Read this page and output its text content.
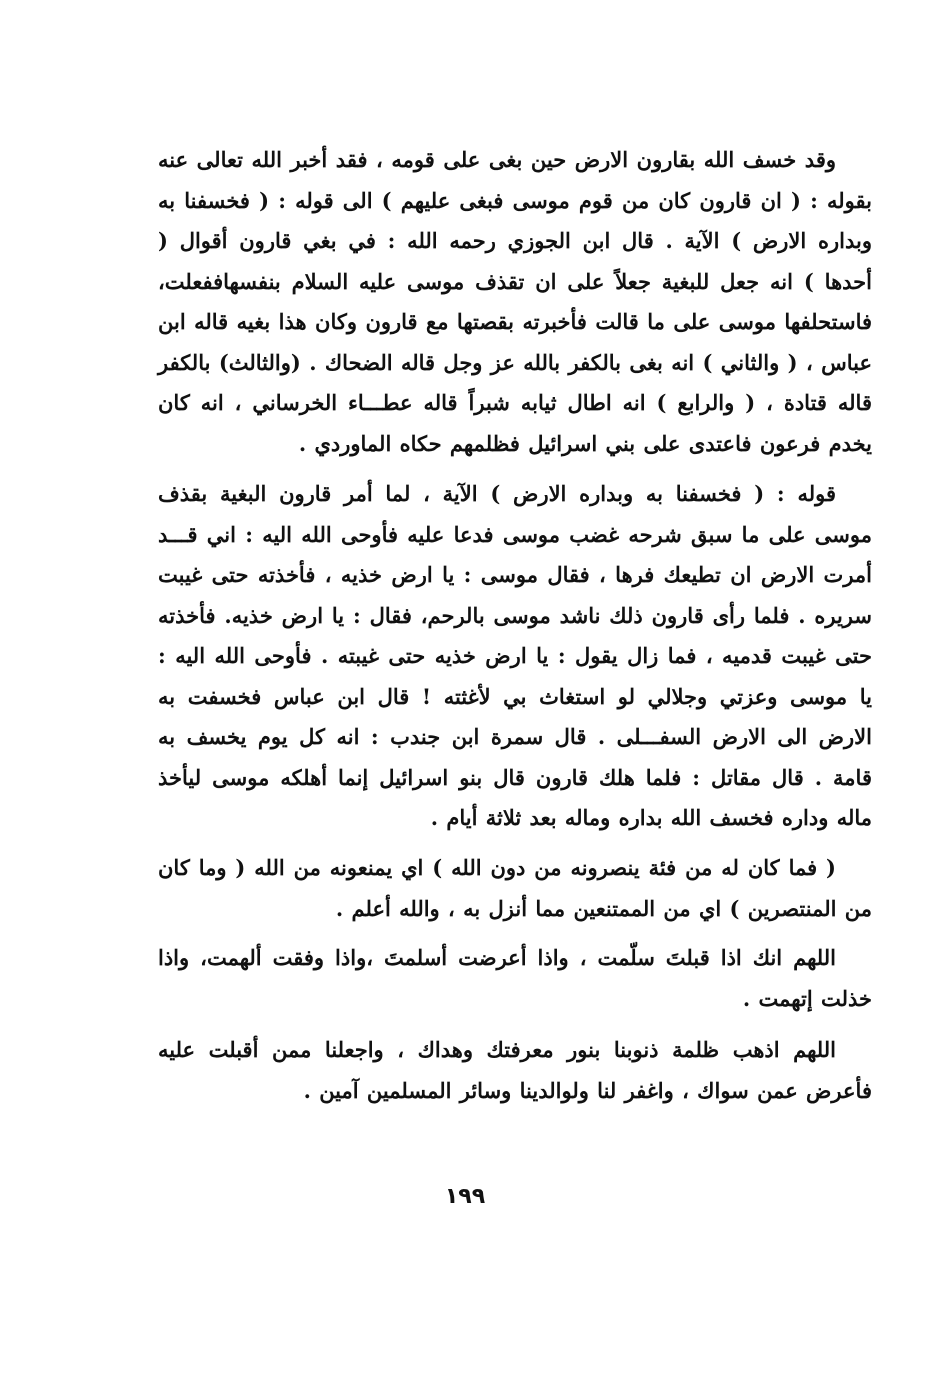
وقد خسف الله بقارون الارض حين بغى على قومه ، فقد أخبر الله تعالى عنه بقوله : ( ان قارون كان من قوم موسى فبغى عليهم ) الى قوله : ( فخسفنا به وبداره الارض ) الآية . قال ابن الجوزي رحمه الله : في بغي قارون أقوال ( أحدها ) انه جعل للبغية جعلاً على ان تقذف موسى عليه السلام بنفسهاففعلت، فاستحلفها موسى على ما قالت فأخبرته بقصتها مع قارون وكان هذا بغيه قاله ابن عباس ، ( والثاني ) انه بغى بالكفر بالله عز وجل قاله الضحاك . (والثالث) بالكفر قاله قتادة ، ( والرابع ) انه اطال ثيابه شبراً قاله عطـــاء الخرساني ، انه كان يخدم فرعون فاعتدى على بني اسرائيل فظلمهم حكاه الماوردي .

قوله : ( فخسفنا به وبداره الارض ) الآية ، لما أمر قارون البغية بقذف موسى على ما سبق شرحه غضب موسى فدعا عليه فأوحى الله اليه : اني قـــد أمرت الارض ان تطيعك فرها ، فقال موسى : يا ارض خذيه ، فأخذته حتى غيبت سريره . فلما رأى قارون ذلك ناشد موسى بالرحم، فقال : يا ارض خذيه. فأخذته حتى غيبت قدميه ، فما زال يقول : يا ارض خذيه حتى غيبته . فأوحى الله اليه : يا موسى وعزتي وجلالي لو استغاث بي لأغثته ! قال ابن عباس فخسفت به الارض الى الارض السفـــلى . قال سمرة ابن جندب : انه كل يوم يخسف به قامة . قال مقاتل : فلما هلك قارون قال بنو اسرائيل إنما أهلكه موسى ليأخذ ماله وداره فخسف الله بداره وماله بعد ثلاثة أيام .

( فما كان له من فئة ينصرونه من دون الله ) اي يمنعونه من الله ( وما كان من المنتصرين ) اي من الممتنعين مما أنزل به ، والله أعلم .

اللهم انك اذا قبلتَ سلّمت ، واذا أعرضت أسلمتَ ،واذا وفقت ألهمت، واذا خذلت إتهمت .

اللهم اذهب ظلمة ذنوبنا بنور معرفتك وهداك ، واجعلنا ممن أقبلت عليه فأعرض عمن سواك ، واغفر لنا ولوالدينا وسائر المسلمين آمين .

١٩٩
